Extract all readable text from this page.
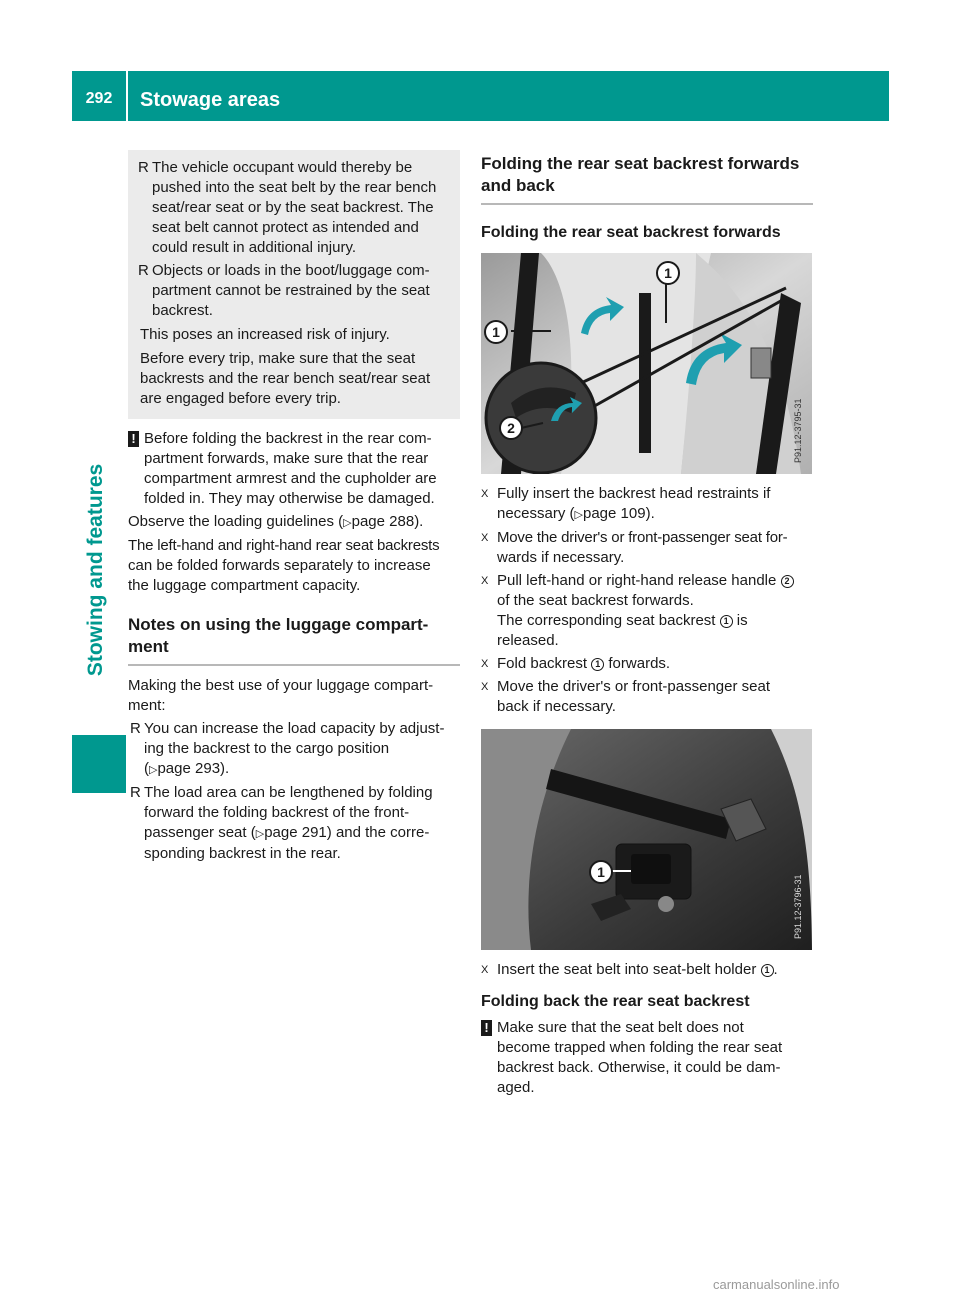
292	Stowage areas
Stowing and features
R The vehicle occupant would thereby be
pushed into the seat belt by the rear bench
seat/rear seat or by the seat backrest. The
seat belt cannot protect as intended and
could result in additional injury.
R Objects or loads in the boot/luggage com-
partment cannot be restrained by the seat
backrest.
This poses an increased risk of injury.
Before every trip, make sure that the seat
backrests and the rear bench seat/rear seat
are engaged before every trip.
! Before folding the backrest in the rear com-
partment forwards, make sure that the rear
compartment armrest and the cupholder are
folded in. They may otherwise be damaged.
Observe the loading guidelines (▷page 288).
The left-hand and right-hand rear seat backrests
can be folded forwards separately to increase
the luggage compartment capacity.
Notes on using the luggage compart-
ment
Making the best use of your luggage compart-
ment:
R You can increase the load capacity by adjust-
ing the backrest to the cargo position
(▷page 293).
R The load area can be lengthened by folding
forward the folding backrest of the front-
passenger seat (▷page 291) and the corre-
sponding backrest in the rear.
Folding the rear seat backrest forwards
and back
Folding the rear seat backrest forwards
P91.12-3795-31
1
1
2
X Fully insert the backrest head restraints if
necessary (▷page 109).
X Move the driver's or front-passenger seat for-
wards if necessary.
X Pull left-hand or right-hand release handle 2
of the seat backrest forwards.
The corresponding seat backrest 1 is
released.
X Fold backrest 1 forwards.
X Move the driver's or front-passenger seat
back if necessary.
P91.12-3796-31
1
X Insert the seat belt into seat-belt holder 1 .
Folding back the rear seat backrest
! Make sure that the seat belt does not
become trapped when folding the rear seat
backrest back. Otherwise, it could be dam-
aged.
carmanualsonline.info
